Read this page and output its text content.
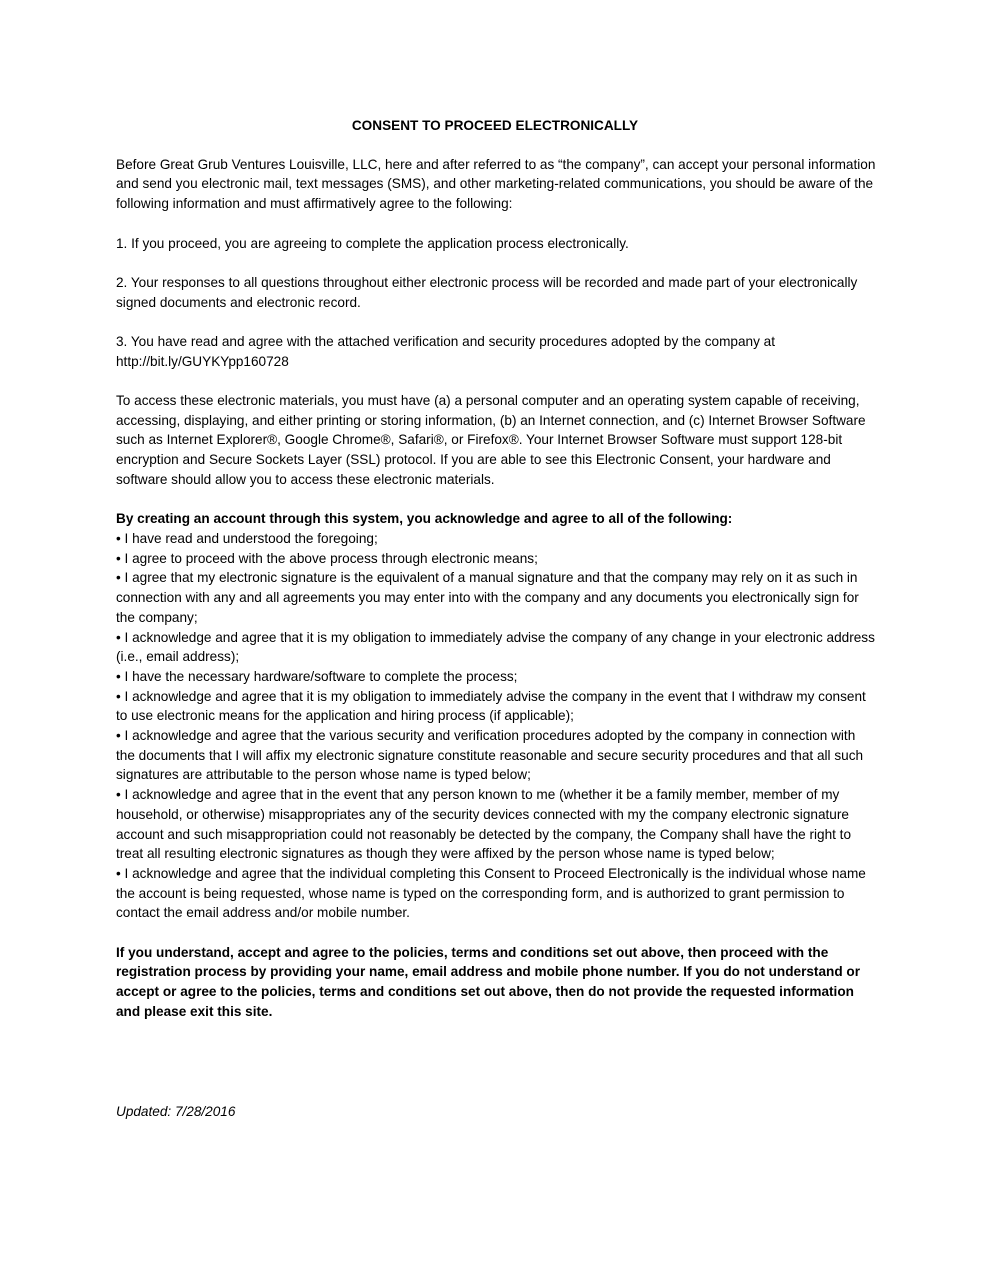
CONSENT TO PROCEED ELECTRONICALLY

Before Great Grub Ventures Louisville, LLC, here and after referred to as “the company”, can accept your personal information and send you electronic mail, text messages (SMS), and other marketing-related communications, you should be aware of the following information and must affirmatively agree to the following:

1. If you proceed, you are agreeing to complete the application process electronically.

2. Your responses to all questions throughout either electronic process will be recorded and made part of your electronically signed documents and electronic record.

3. You have read and agree with the attached verification and security procedures adopted by the company at http://bit.ly/GUYKYpp160728

To access these electronic materials, you must have (a) a personal computer and an operating system capable of receiving, accessing, displaying, and either printing or storing information, (b) an Internet connection, and (c) Internet Browser Software such as Internet Explorer®, Google Chrome®, Safari®, or Firefox®. Your Internet Browser Software must support 128-bit encryption and Secure Sockets Layer (SSL) protocol. If you are able to see this Electronic Consent, your hardware and software should allow you to access these electronic materials.

By creating an account through this system, you acknowledge and agree to all of the following:
• I have read and understood the foregoing;
• I agree to proceed with the above process through electronic means;
• I agree that my electronic signature is the equivalent of a manual signature and that the company may rely on it as such in connection with any and all agreements you may enter into with the company and any documents you electronically sign for the company;
• I acknowledge and agree that it is my obligation to immediately advise the company of any change in your electronic address (i.e., email address);
• I have the necessary hardware/software to complete the process;
• I acknowledge and agree that it is my obligation to immediately advise the company in the event that I withdraw my consent to use electronic means for the application and hiring process (if applicable);
• I acknowledge and agree that the various security and verification procedures adopted by the company in connection with the documents that I will affix my electronic signature constitute reasonable and secure security procedures and that all such signatures are attributable to the person whose name is typed below;
• I acknowledge and agree that in the event that any person known to me (whether it be a family member, member of my household, or otherwise) misappropriates any of the security devices connected with my the company electronic signature account and such misappropriation could not reasonably be detected by the company, the Company shall have the right to treat all resulting electronic signatures as though they were affixed by the person whose name is typed below;
• I acknowledge and agree that the individual completing this Consent to Proceed Electronically is the individual whose name the account is being requested, whose name is typed on the corresponding form, and is authorized to grant permission to contact the email address and/or mobile number.

If you understand, accept and agree to the policies, terms and conditions set out above, then proceed with the registration process by providing your name, email address and mobile phone number. If you do not understand or accept or agree to the policies, terms and conditions set out above, then do not provide the requested information and please exit this site.

Updated: 7/28/2016
